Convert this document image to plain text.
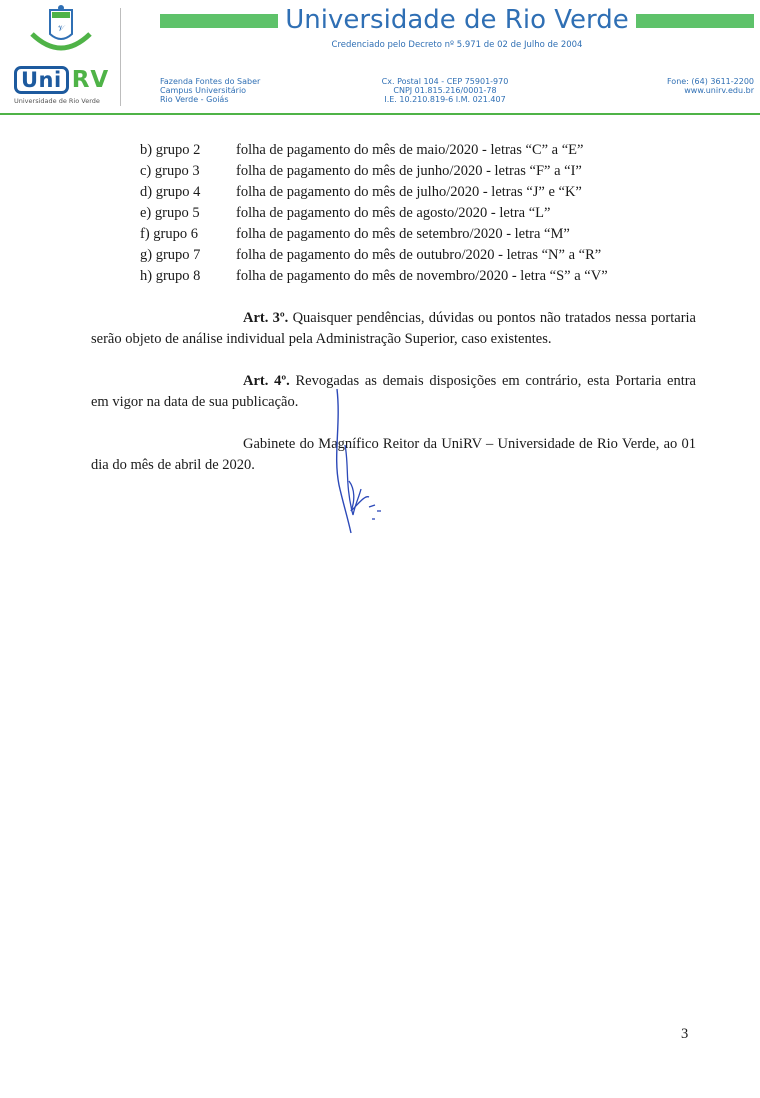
𝒱
Uni RV
Universidade de Rio Verde
Universidade de Rio Verde
Credenciado pelo Decreto nº 5.971 de 02 de Julho de 2004
Fazenda Fontes do Saber
Campus Universitário
Rio Verde - Goiás
Cx. Postal 104 - CEP 75901-970
CNPJ 01.815.216/0001-78
I.E. 10.210.819-6 I.M. 021.407
Fone: (64) 3611-2200
www.unirv.edu.br
b) grupo 2	folha de pagamento do mês de maio/2020 - letras “C” a “E”
c) grupo 3	folha de pagamento do mês de junho/2020 - letras “F” a “I”
d) grupo 4	folha de pagamento do mês de julho/2020 - letras “J” e “K”
e) grupo 5	folha de pagamento do mês de agosto/2020 - letra “L”
f) grupo 6	folha de pagamento do mês de setembro/2020 - letra “M”
g) grupo 7	folha de pagamento do mês de outubro/2020 - letras “N” a “R”
h) grupo 8	folha de pagamento do mês de novembro/2020 - letra “S” a “V”
Art. 3º. Quaisquer pendências, dúvidas ou pontos não tratados nessa portaria serão objeto de análise individual pela Administração Superior, caso existentes.
Art. 4º. Revogadas as demais disposições em contrário, esta Portaria entra em vigor na data de sua publicação.
Gabinete do Magnífico Reitor da UniRV – Universidade de Rio Verde, ao 01 dia do mês de abril de 2020.
3
